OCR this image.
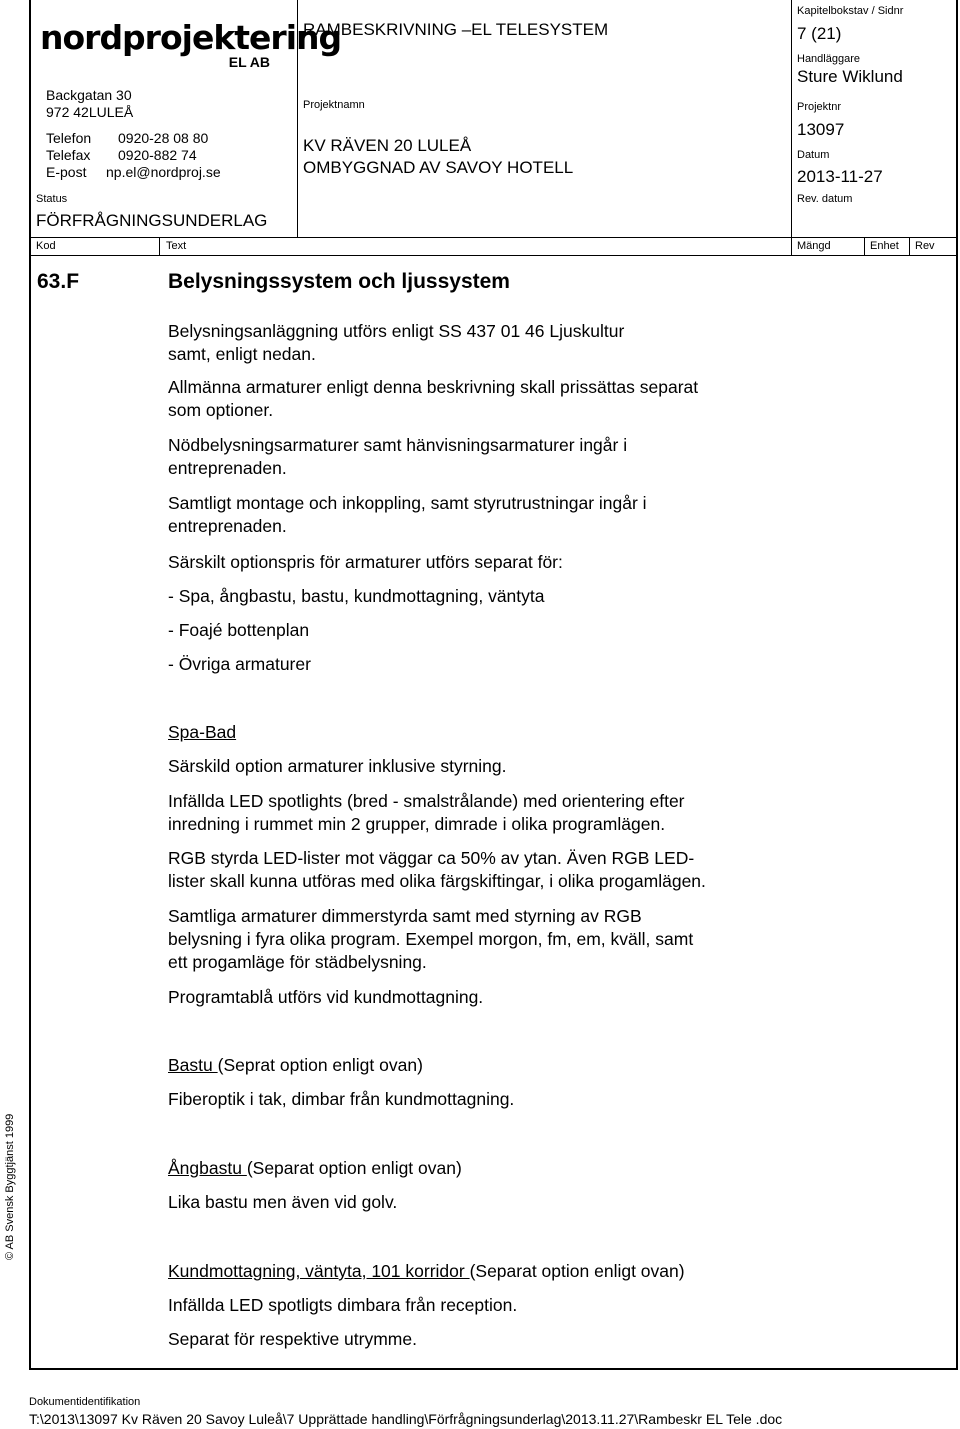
nordprojektering
EL AB
Backgatan 30
972 42LULEÅ
Telefon	0920-28 08 80
Telefax	0920-882 74
E-post	np.el@nordproj.se
Status
FÖRFRÅGNINGSUNDERLAG
RAMBESKRIVNING –EL TELESYSTEM
Projektnamn
KV RÄVEN 20 LULEÅ
OMBYGGNAD AV SAVOY HOTELL
Kapitelbokstav / Sidnr
7 (21)
Handläggare
Sture Wiklund
Projektnr
13097
Datum
2013-11-27
Rev. datum
Kod	Text	Mängd	Enhet Rev
63.F	Belysningssystem och ljussystem
Belysningsanläggning utförs enligt SS 437 01 46 Ljuskultur
samt, enligt nedan.
Allmänna armaturer enligt denna beskrivning skall prissättas separat
som optioner.
Nödbelysningsarmaturer samt hänvisningsarmaturer ingår i
entreprenaden.
Samtligt montage och inkoppling, samt styrutrustningar ingår i
entreprenaden.
Särskilt optionspris för armaturer utförs separat för:
- Spa, ångbastu, bastu, kundmottagning, väntyta
- Foajé bottenplan
- Övriga armaturer
Spa-Bad
Särskild option armaturer inklusive styrning.
Infällda LED spotlights (bred - smalstrålande) med orientering efter
inredning i rummet min 2 grupper, dimrade i olika programlägen.
RGB styrda LED-lister mot väggar ca 50% av ytan. Även RGB LED-
lister skall kunna utföras med olika färgskiftingar, i olika progamlägen.
Samtliga armaturer dimmerstyrda samt med styrning av RGB
belysning i fyra olika program. Exempel morgon, fm, em, kväll, samt
ett progamläge för städbelysning.
Programtablå utförs vid kundmottagning.
Bastu (Seprat option enligt ovan)
Fiberoptik i tak, dimbar från kundmottagning.
Ångbastu (Separat option enligt ovan)
Lika bastu men även vid golv.
Kundmottagning, väntyta, 101 korridor (Separat option enligt ovan)
Infällda LED spotligts dimbara från reception.
Separat för respektive utrymme.
© AB Svensk Byggtjänst 1999
Dokumentidentifikation
T:\2013\13097 Kv Räven 20 Savoy Luleå\7 Upprättade handling\Förfrågningsunderlag\2013.11.27\Rambeskr EL Tele .doc
